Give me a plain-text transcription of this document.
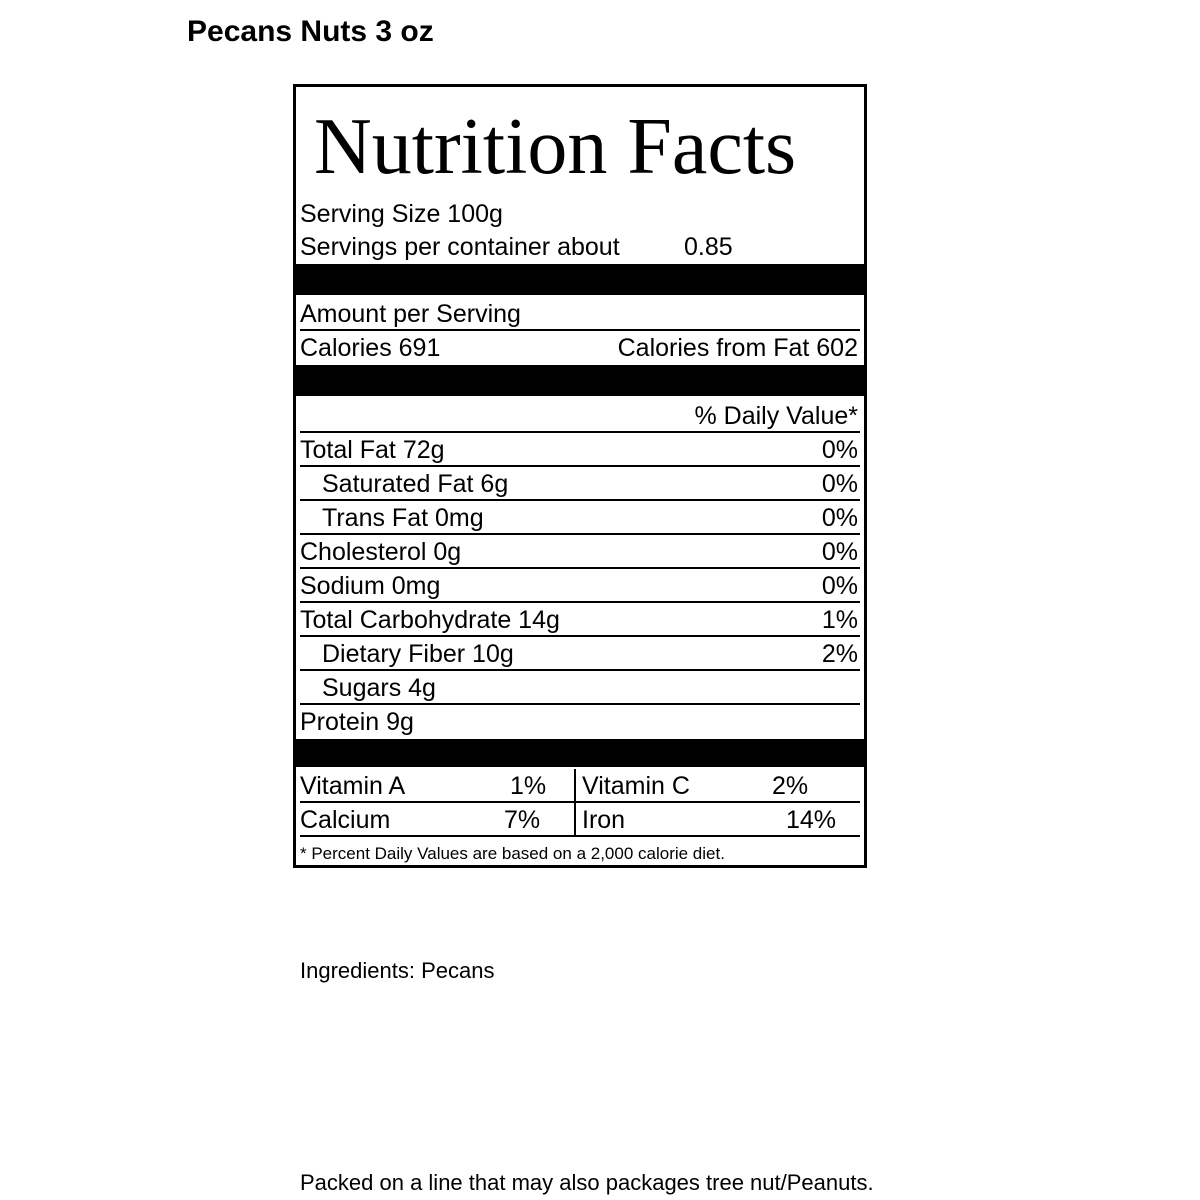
Pecans Nuts 3 oz
Nutrition Facts
Serving Size 100g
Servings per container about	0.85
Amount per Serving
Calories 691	Calories from Fat 602
% Daily Value*
Total Fat 72g	0%
Saturated Fat 6g	0%
Trans Fat 0mg	0%
Cholesterol 0g	0%
Sodium 0mg	0%
Total Carbohydrate 14g	1%
Dietary Fiber 10g	2%
Sugars 4g
Protein 9g
Vitamin A	1% Vitamin C	2%
Calcium	7% Iron	14%
* Percent Daily Values are based on a 2,000 calorie diet.
Ingredients: Pecans
Packed on a line that may also packages tree nut/Peanuts.
